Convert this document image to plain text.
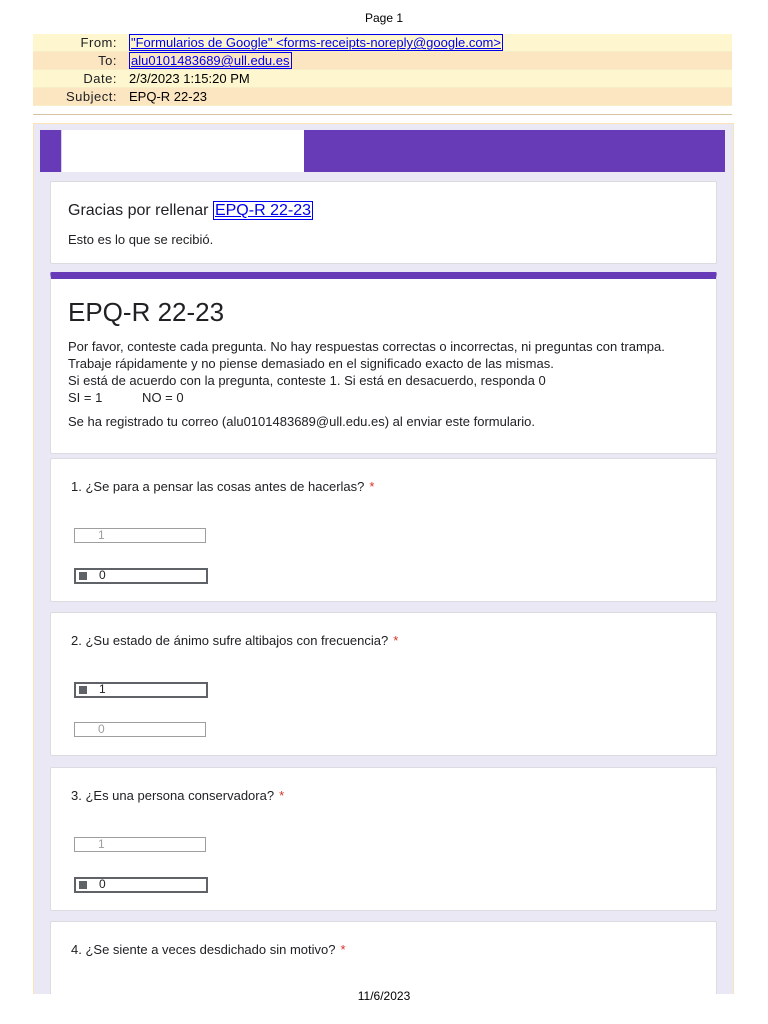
Page 1
From:	"Formularios de Google" <forms-receipts-noreply@google.com>
To:	alu0101483689@ull.edu.es
Date:	2/3/2023 1:15:20 PM
Subject:	EPQ-R 22-23
Gracias por rellenar EPQ-R 22-23
Esto es lo que se recibió.
EPQ-R 22-23

Por favor, conteste cada pregunta. No hay respuestas correctas o incorrectas, ni preguntas con trampa. Trabaje rápidamente y no piense demasiado en el significado exacto de las mismas.

Si está de acuerdo con la pregunta, conteste 1. Si está en desacuerdo, responda 0

SI = 1           NO = 0

Se ha registrado tu correo (alu0101483689@ull.edu.es) al enviar este formulario.
1. ¿Se para a pensar las cosas antes de hacerlas? *
1
0
2. ¿Su estado de ánimo sufre altibajos con frecuencia? *
1
0
3. ¿Es una persona conservadora? *
1
0
4. ¿Se siente a veces desdichado sin motivo? *
11/6/2023
